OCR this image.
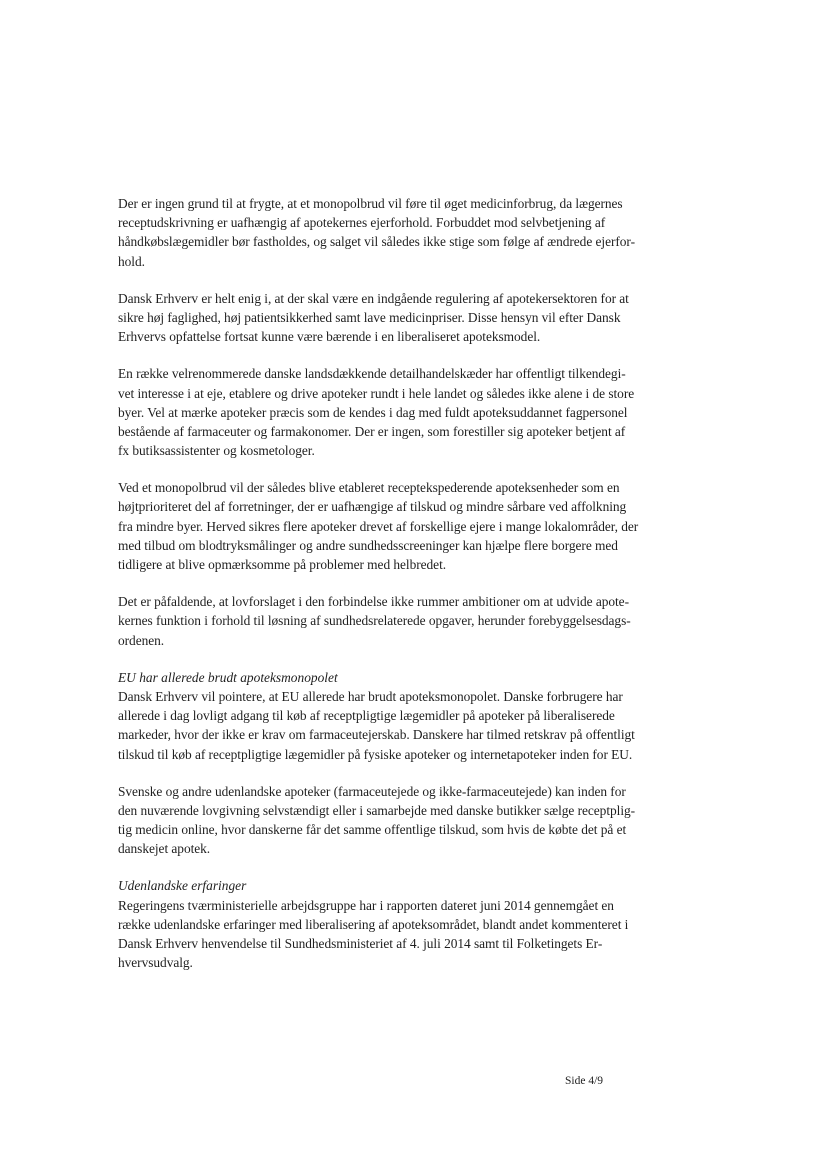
Der er ingen grund til at frygte, at et monopolbrud vil føre til øget medicinforbrug, da lægernes
receptudskrivning er uafhængig af apotekernes ejerforhold. Forbuddet mod selvbetjening af
håndkøbslægemidler bør fastholdes, og salget vil således ikke stige som følge af ændrede ejerfor-
hold.

Dansk Erhverv er helt enig i, at der skal være en indgående regulering af apotekersektoren for at
sikre høj faglighed, høj patientsikkerhed samt lave medicinpriser. Disse hensyn vil efter Dansk
Erhvervs opfattelse fortsat kunne være bærende i en liberaliseret apoteksmodel.

En række velrenommerede danske landsdækkende detailhandelskæder har offentligt tilkendegi-
vet interesse i at eje, etablere og drive apoteker rundt i hele landet og således ikke alene i de store
byer. Vel at mærke apoteker præcis som de kendes i dag med fuldt apoteksuddannet fagpersonel
bestående af farmaceuter og farmakonomer. Der er ingen, som forestiller sig apoteker betjent af
fx butiksassistenter og kosmetologer.

Ved et monopolbrud vil der således blive etableret receptekspederende apoteksenheder som en
højtprioriteret del af forretninger, der er uafhængige af tilskud og mindre sårbare ved affolkning
fra mindre byer. Herved sikres flere apoteker drevet af forskellige ejere i mange lokalområder, der
med tilbud om blodtryksmålinger og andre sundhedsscreeninger kan hjælpe flere borgere med
tidligere at blive opmærksomme på problemer med helbredet.

Det er påfaldende, at lovforslaget i den forbindelse ikke rummer ambitioner om at udvide apote-
kernes funktion i forhold til løsning af sundhedsrelaterede opgaver, herunder forebyggelsesdags-
ordenen.

EU har allerede brudt apoteksmonopolet

Dansk Erhverv vil pointere, at EU allerede har brudt apoteksmonopolet. Danske forbrugere har
allerede i dag lovligt adgang til køb af receptpligtige lægemidler på apoteker på liberaliserede
markeder, hvor der ikke er krav om farmaceutejerskab. Danskere har tilmed retskrav på offentligt
tilskud til køb af receptpligtige lægemidler på fysiske apoteker og internetapoteker inden for EU.

Svenske og andre udenlandske apoteker (farmaceutejede og ikke-farmaceutejede) kan inden for
den nuværende lovgivning selvstændigt eller i samarbejde med danske butikker sælge receptplig-
tig medicin online, hvor danskerne får det samme offentlige tilskud, som hvis de købte det på et
danskejet apotek.

Udenlandske erfaringer

Regeringens tværministerielle arbejdsgruppe har i rapporten dateret juni 2014 gennemgået en
række udenlandske erfaringer med liberalisering af apoteksområdet, blandt andet kommenteret i
Dansk Erhverv henvendelse til Sundhedsministeriet af 4. juli 2014 samt til Folketingets Er-
hvervsudvalg.

Side 4/9
